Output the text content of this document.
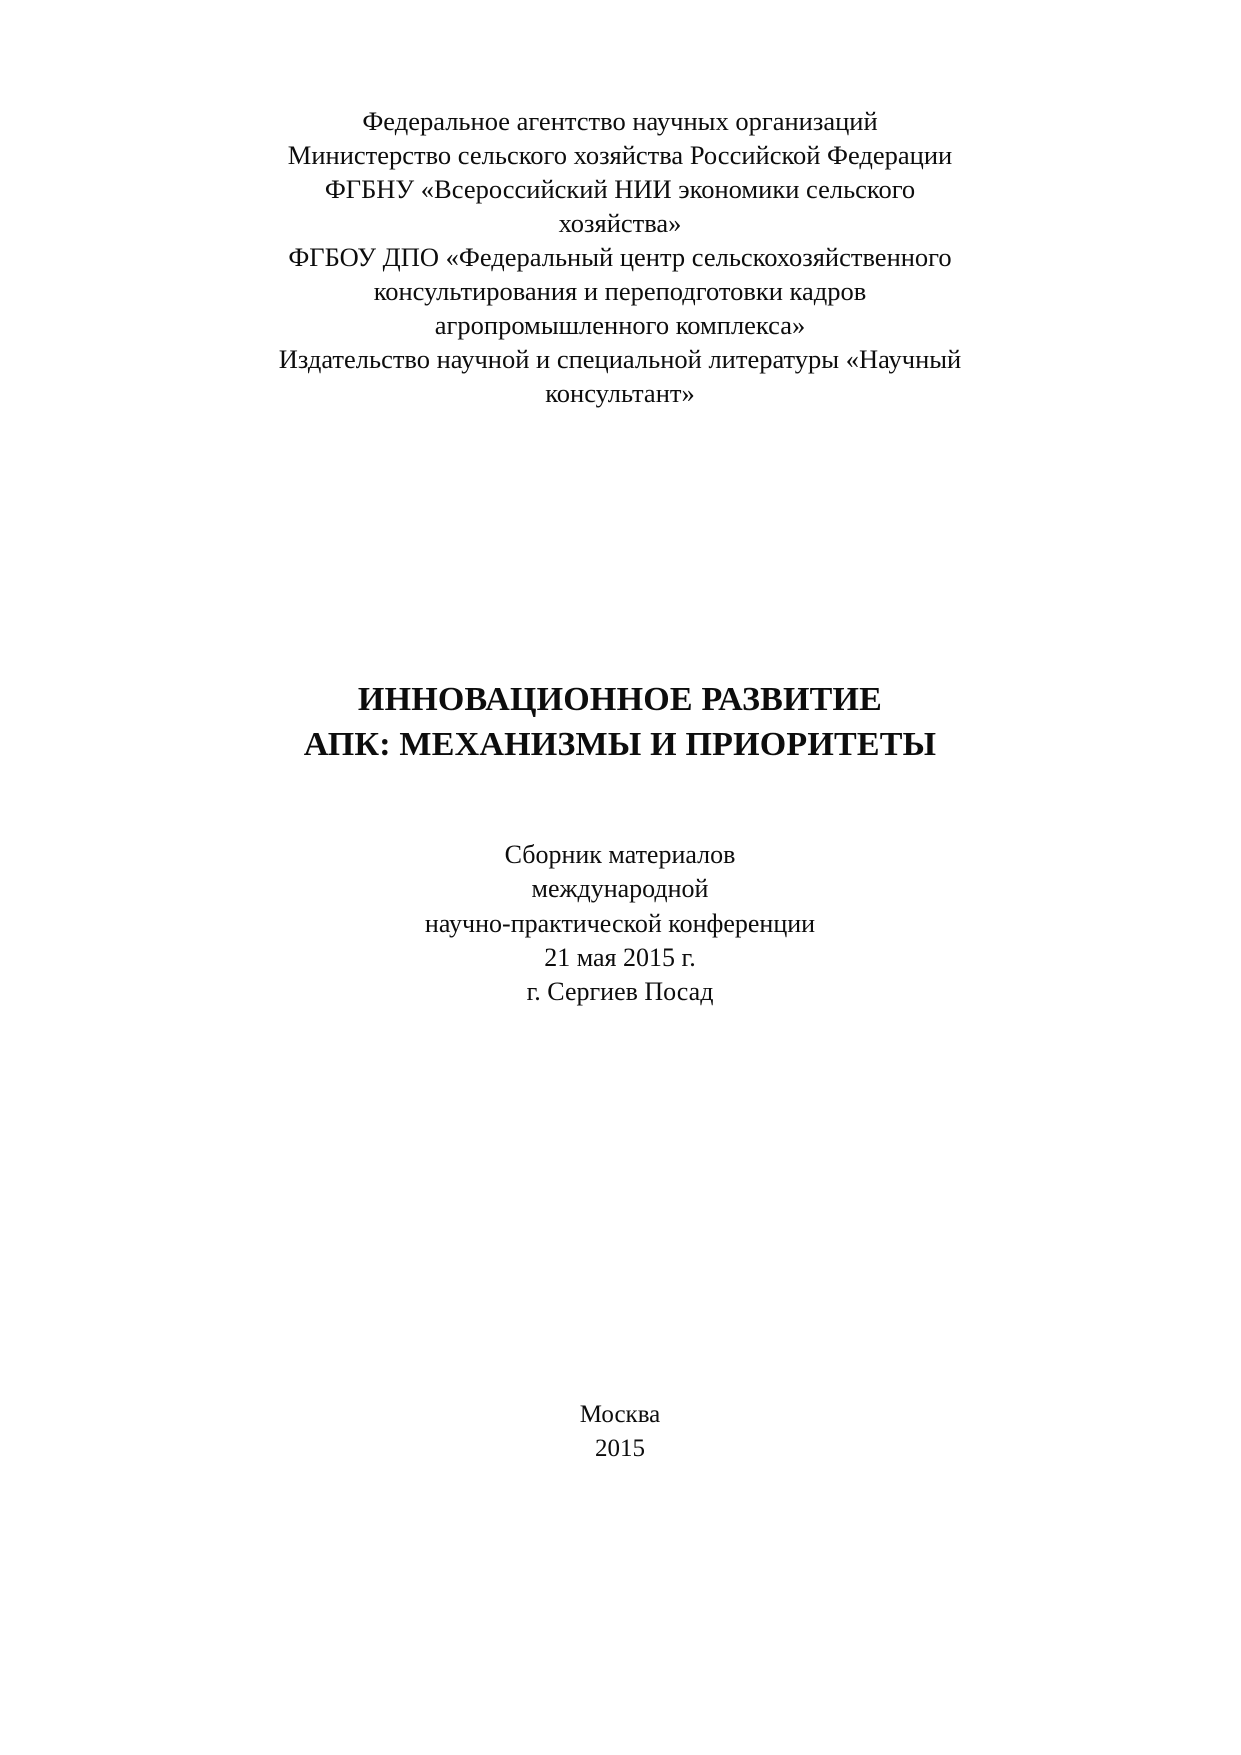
Федеральное агентство научных организаций
Министерство сельского хозяйства Российской Федерации
ФГБНУ «Всероссийский НИИ экономики сельского
хозяйства»
ФГБОУ ДПО «Федеральный центр сельскохозяйственного
консультирования и переподготовки кадров
агропромышленного комплекса»
Издательство научной и специальной литературы «Научный
консультант»
ИННОВАЦИОННОЕ РАЗВИТИЕ
АПК: МЕХАНИЗМЫ И ПРИОРИТЕТЫ
Сборник материалов
международной
научно-практической конференции
21 мая 2015 г.
г. Сергиев Посад
Москва
2015
